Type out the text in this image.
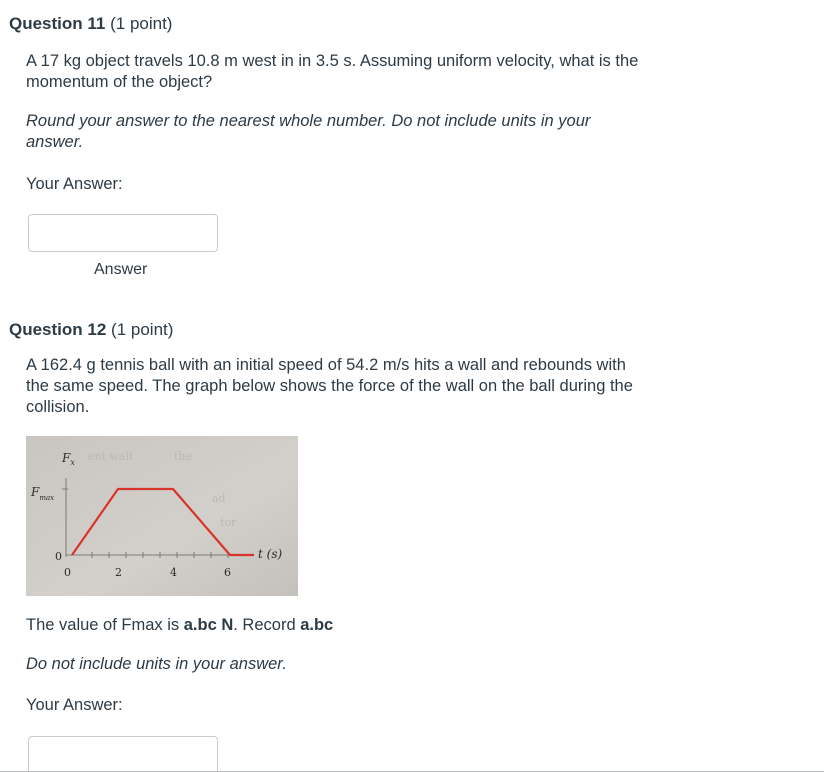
Question 11 (1 point)
A 17 kg object travels 10.8 m west in in 3.5 s. Assuming uniform velocity, what is the
momentum of the object?
Round your answer to the nearest whole number. Do not include units in your
answer.
Your Answer:
Answer
Question 12 (1 point)
A 162.4 g tennis ball with an initial speed of 54.2 m/s hits a wall and rebounds with
the same speed. The graph below shows the force of the wall on the ball during the
collision.
ent wall	the
ad
tor
$F_x$
$F_{max}$
0	t (s)
0	2	4	6
The value of Fmax is a.bc N. Record a.bc
Do not include units in your answer.
Your Answer:
